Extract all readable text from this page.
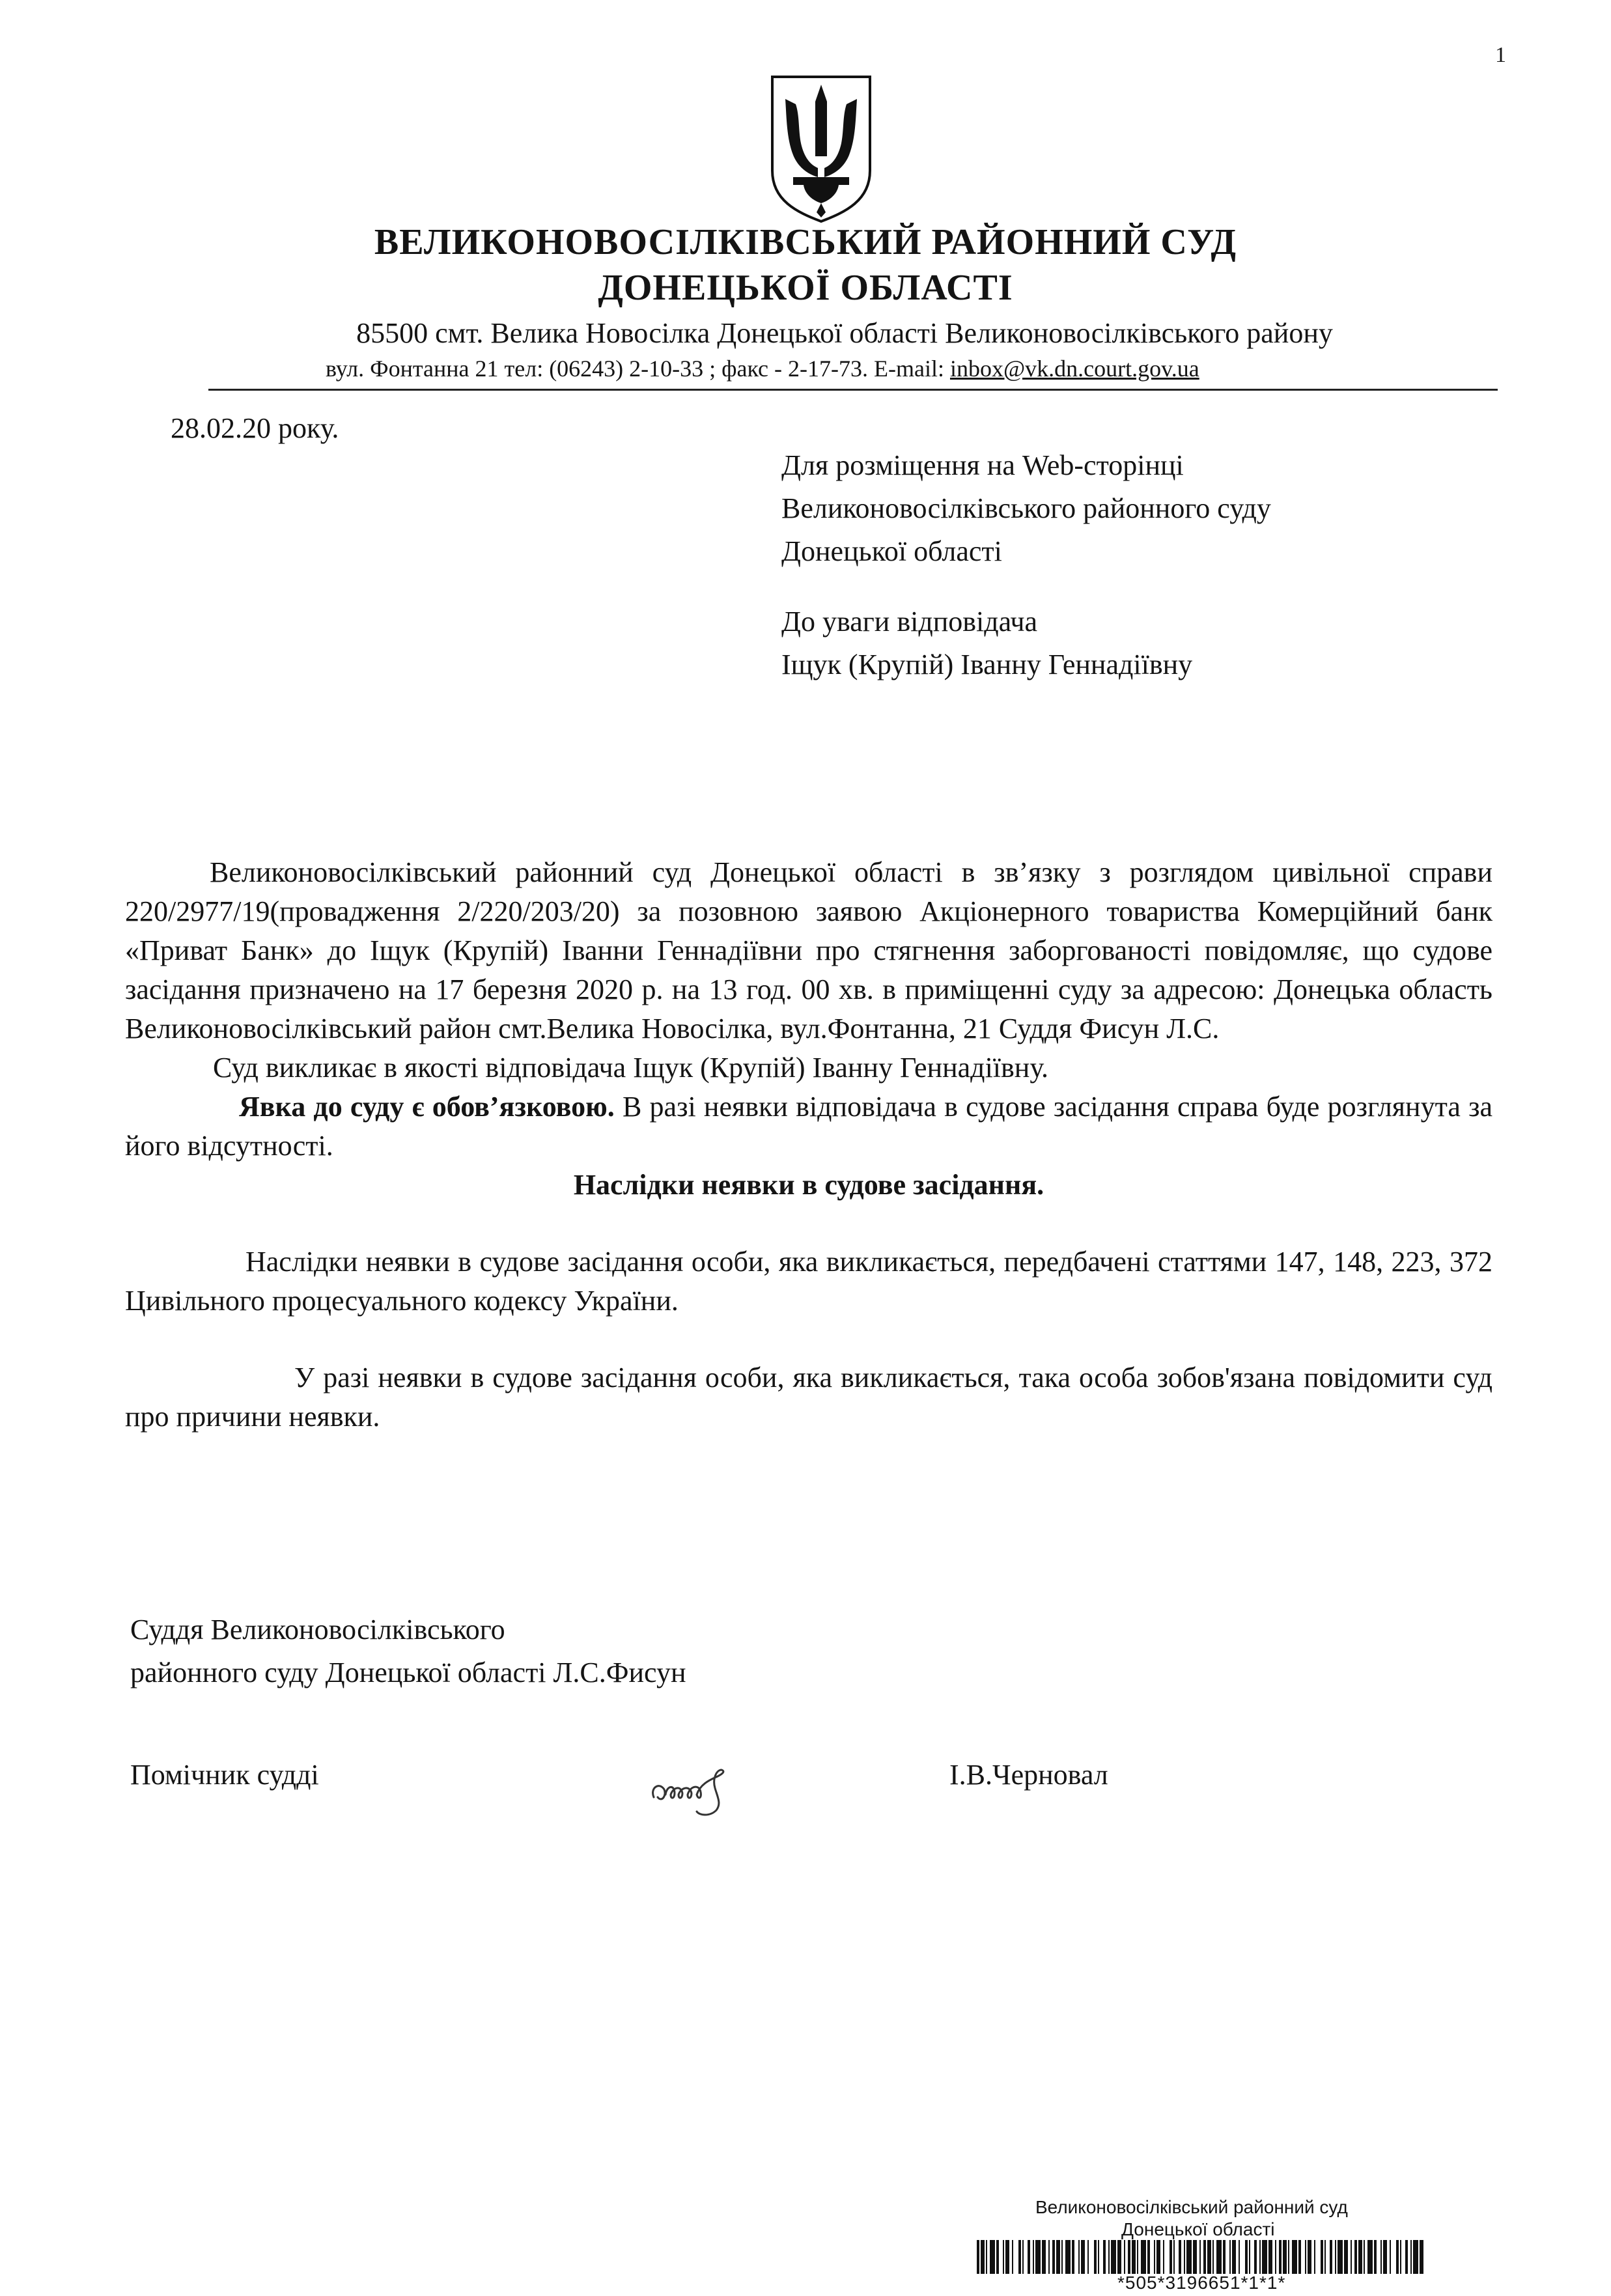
1
ВЕЛИКОНОВОСІЛКІВСЬКИЙ РАЙОННИЙ СУД
ДОНЕЦЬКОЇ ОБЛАСТІ
85500 смт. Велика Новосілка Донецької області Великоновосілківського району
вул. Фонтанна 21 тел: (06243) 2-10-33 ; факс - 2-17-73. E-mail: inbox@vk.dn.court.gov.ua
28.02.20 року.
Для розміщення на Web-сторінці
Великоновосілківського районного суду
Донецької області
До уваги відповідача
Іщук (Крупій) Іванну Геннадіївну

Великоновосілківський районний суд Донецької області в зв’язку з розглядом цивільної справи 220/2977/19(провадження 2/220/203/20) за позовною заявою Акціонерного товариства Комерційний банк «Приват Банк» до Іщук (Крупій) Іванни Геннадіївни про стягнення заборгованості повідомляє, що судове засідання призначено на 17 березня 2020 р. на 13 год. 00 хв. в приміщенні суду за адресою: Донецька область Великоновосілківський район смт.Велика Новосілка, вул.Фонтанна, 21 Суддя Фисун Л.С.

Суд викликає в якості відповідача Іщук (Крупій) Іванну Геннадіївну.

Явка до суду є обов’язковою. В разі неявки відповідача в судове засідання справа буде розглянута за його відсутності.

Наслідки неявки в судове засідання.

Наслідки неявки в судове засідання особи, яка викликається, передбачені статтями 147, 148, 223, 372 Цивільного процесуального кодексу України.

У разі неявки в судове засідання особи, яка викликається, така особа зобов'язана повідомити суд про причини неявки.

Суддя Великоновосілківського
районного суду Донецької області Л.С.Фисун
Помічник судді	І.В.Черновал
Великоновосілківський районний суд
Донецької області
*505*3196651*1*1*
